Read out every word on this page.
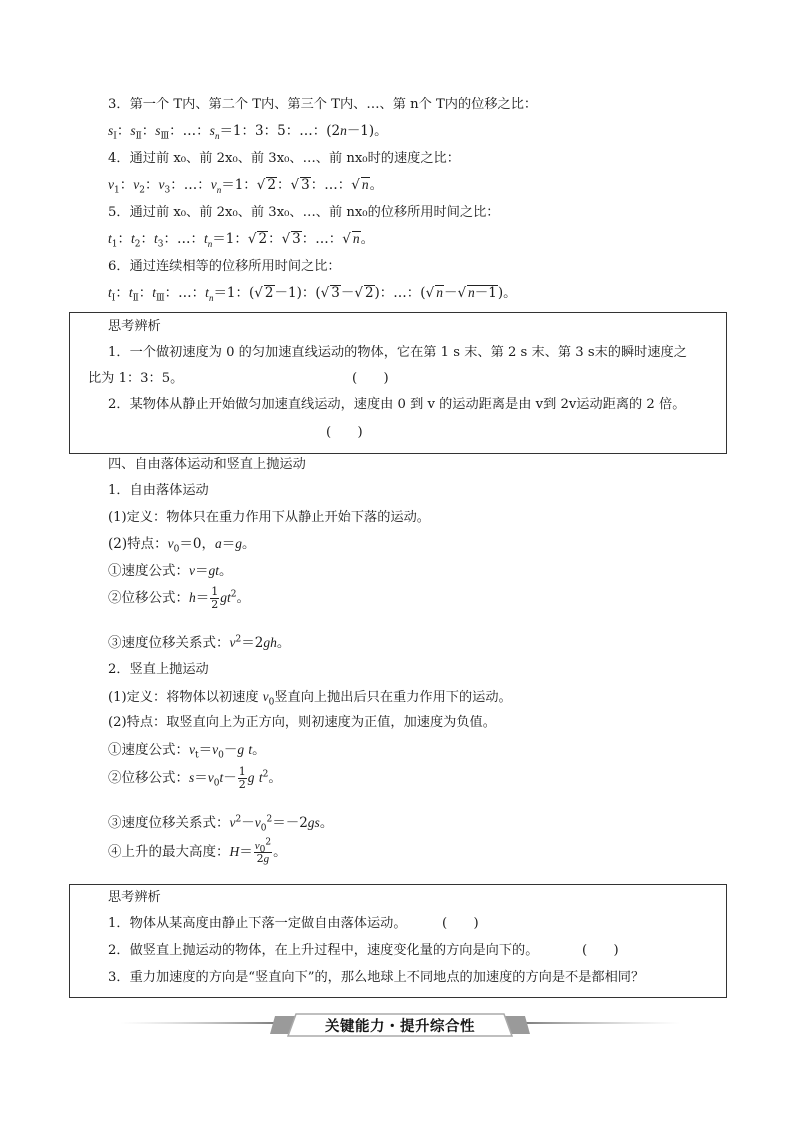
3．第一个 T内、第二个 T内、第三个 T内、…、第 n个 T内的位移之比：
$s_Ⅰ$：$s_Ⅱ$：$s_Ⅲ$：…：$s_n=1$：3：5：…：(2n－1)。
4．通过前 x₀、前 2x₀、前 3x₀、…、前 nx₀时的速度之比：
$v_1$：$v_2$：$v_3$：…：$v_n=1$：√ 2：√ 3：…：√ n。
5．通过前 x₀、前 2x₀、前 3x₀、…、前 nx₀的位移所用时间之比：
$t_1$：$t_2$：$t_3$：…：$t_n=1$：√ 2：√ 3：…：√ n。
6．通过连续相等的位移所用时间之比：
$t_Ⅰ$：$t_Ⅱ$：$t_Ⅲ$：…：$t_n=1$：(√ 2－1)：(√ 3－√ 2)：…：(√ n－√ n－1)。
思考辨析
1．一个做初速度为 0 的匀加速直线运动的物体，它在第 1 s 末、第 2 s 末、第 3 s末的瞬时速度之
比为 1：3：5。	(　　)
2．某物体从静止开始做匀加速直线运动，速度由 0 到 v 的运动距离是由 v到 2v运动距离的 2 倍。
(　　)
四、自由落体运动和竖直上抛运动
1．自由落体运动
(1)定义：物体只在重力作用下从静止开始下落的运动。
(2)特点：$v_0=0$，a＝g。
①速度公式：v＝gt。
②位移公式：$h= \frac{1}{2} gt^2$。
③速度位移关系式：$v^2=2gh$。
2．竖直上抛运动
(1)定义：将物体以初速度 $v_0$竖直向上抛出后只在重力作用下的运动。
(2)特点：取竖直向上为正方向，则初速度为正值，加速度为负值。
①速度公式：$v_t=v_0-g$ t。
②位移公式：$s=v_0t- \frac{1}{2}$ g $t^2$。
③速度位移关系式：$v^2-v_0^2=-2gs$。
④上升的最大高度：$H= \frac{v_0^2}{2g}$ 。
思考辨析
1．物体从某高度由静止下落一定做自由落体运动。	(　　)
2．做竖直上抛运动的物体，在上升过程中，速度变化量的方向是向下的。	(　　)
3．重力加速度的方向是“竖直向下”的，那么地球上不同地点的加速度的方向是不是都相同？
关键能力・提升综合性
